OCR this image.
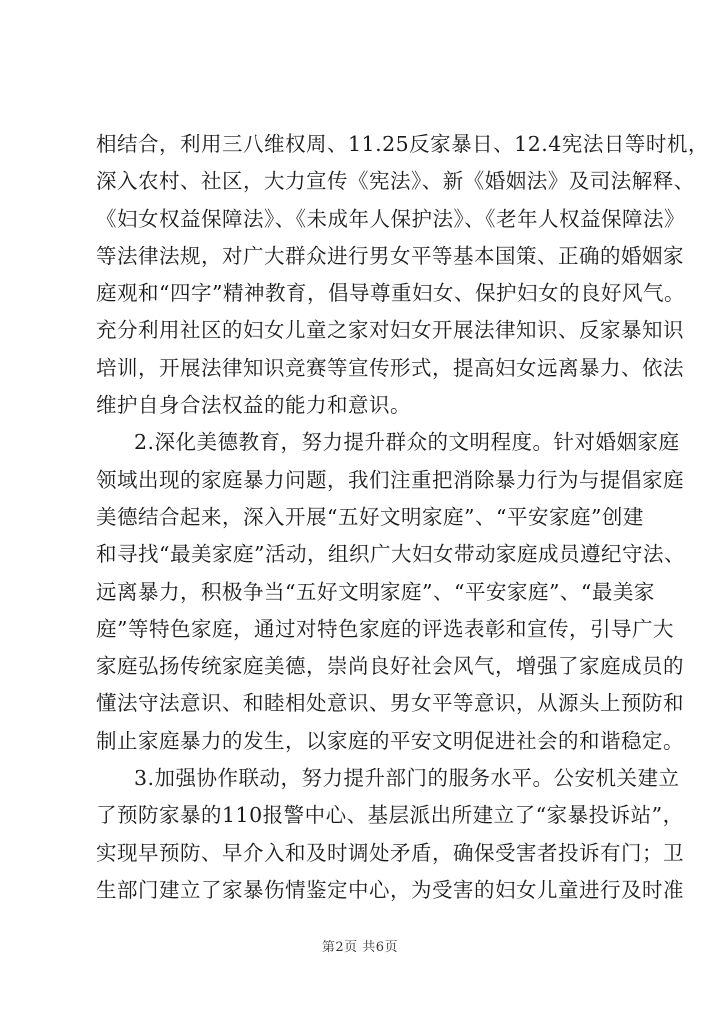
相结合，利用三八维权周、11.25反家暴日、12.4宪法日等时机，
深入农村、社区，大力宣传《宪法》、新《婚姻法》及司法解释、
《妇女权益保障法》、《未成年人保护法》、《老年人权益保障法》
等法律法规，对广大群众进行男女平等基本国策、正确的婚姻家
庭观和“四字”精神教育，倡导尊重妇女、保护妇女的良好风气。
充分利用社区的妇女儿童之家对妇女开展法律知识、反家暴知识
培训，开展法律知识竞赛等宣传形式，提高妇女远离暴力、依法
维护自身合法权益的能力和意识。
2.深化美德教育，努力提升群众的文明程度。针对婚姻家庭
领域出现的家庭暴力问题，我们注重把消除暴力行为与提倡家庭
美德结合起来，深入开展“五好文明家庭”、“平安家庭”创建
和寻找“最美家庭”活动，组织广大妇女带动家庭成员遵纪守法、
远离暴力，积极争当“五好文明家庭”、“平安家庭”、“最美家
庭”等特色家庭，通过对特色家庭的评选表彰和宣传，引导广大
家庭弘扬传统家庭美德，崇尚良好社会风气，增强了家庭成员的
懂法守法意识、和睦相处意识、男女平等意识，从源头上预防和
制止家庭暴力的发生，以家庭的平安文明促进社会的和谐稳定。
3.加强协作联动，努力提升部门的服务水平。公安机关建立
了预防家暴的110报警中心、基层派出所建立了“家暴投诉站”，
实现早预防、早介入和及时调处矛盾，确保受害者投诉有门；卫
生部门建立了家暴伤情鉴定中心，为受害的妇女儿童进行及时准
第2页 共6页
